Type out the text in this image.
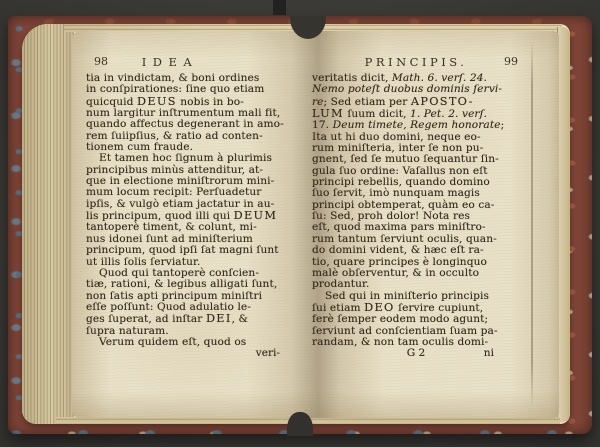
98	IDEA
tia in vindictam, & boni ordines
in conſpirationes: ſine quo etiam
quicquid DEUS nobis in bo-
num largitur inſtrumentum mali fit,
quando affectus degenerant in amo-
rem ſuiipſius, & ratio ad conten-
tionem cum fraude.
Et tamen hoc ſignum à plurimis
principibus minùs attenditur, at-
que in electione miniſtrorum mini-
mum locum recipit: Perſuadetur
ipſis, & vulgò etiam jactatur in au-
lis principum, quod illi qui DEUM
tantoperè timent, & colunt, mi-
nus idonei ſunt ad miniſterium
principum, quod ipſi ſat magni ſunt
ut illis ſolis ſerviatur.
Quod qui tantoperè conſcien-
tiæ, rationi, & legibus alligati ſunt,
non ſatis apti principum miniſtri
eſſe poſſunt: Quod adulatio le-
ges ſuperat, ad inſtar DEI, &
ſupra naturam.
Verum quidem eſt, quod os
veri-
PRINCIPIS.	99
veritatis dicit, Math. 6. verſ. 24.
Nemo poteſt duobus dominis ſervi-
re; Sed etiam per APOSTO-
LUM ſuum dicit, 1. Pet. 2. verſ.
17. Deum timete, Regem honorate;
Ita ut hi duo domini, neque eo-
rum miniſteria, inter ſe non pu-
gnent, ſed ſe mutuo ſequantur ſin-
gula ſuo ordine: Vaſallus non eſt
principi rebellis, quando domino
ſuo ſervit, imò nunquam magis
principi obtemperat, quàm eo ca-
ſu: Sed, proh dolor! Nota res
eſt, quod maxima pars miniſtro-
rum tantum ſerviunt oculis, quan-
do domini vident, & hæc eſt ra-
tio, quare principes è longinquo
malè obſerventur, & in occulto
prodantur.
Sed qui in miniſterio principis
ſui etiam DEO ſervire cupiunt,
ferè ſemper eodem modo agunt;
ſerviunt ad conſcientiam ſuam pa-
randam, & non tam oculis domi-
G 2	ni
